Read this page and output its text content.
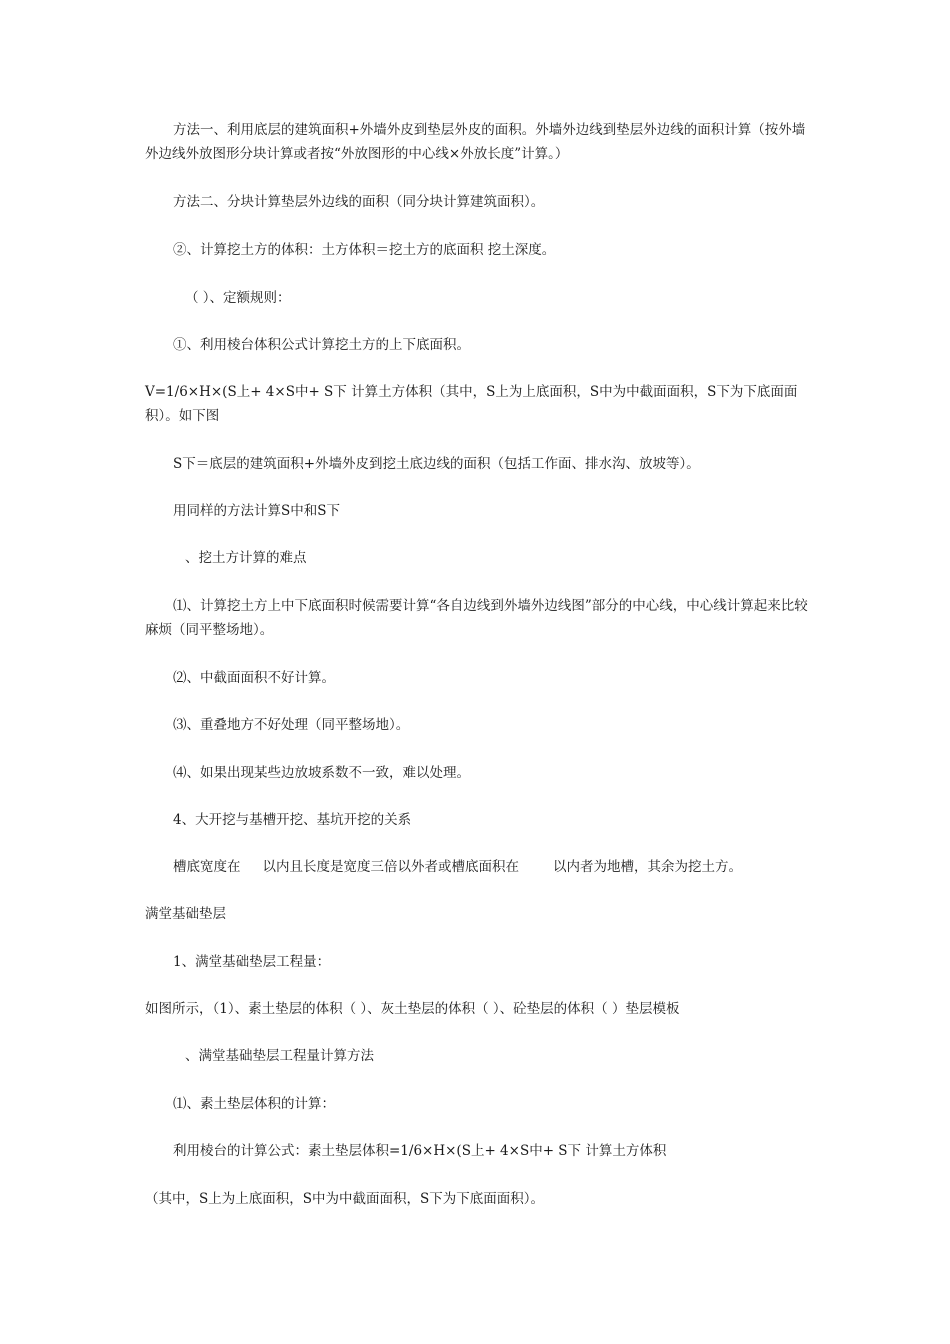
方法一、利用底层的建筑面积+外墙外皮到垫层外皮的面积。外墙外边线到垫层外边线的面积计算（按外墙外边线外放图形分块计算或者按“外放图形的中心线×外放长度”计算。）

方法二、分块计算垫层外边线的面积（同分块计算建筑面积）。

②、计算挖土方的体积：土方体积＝挖土方的底面积 挖土深度。

（ ）、定额规则：

①、利用棱台体积公式计算挖土方的上下底面积。

V=1/6×H×(S上+ 4×S中+ S下 计算土方体积（其中，S上为上底面积，S中为中截面面积，S下为下底面面积）。如下图

S下＝底层的建筑面积+外墙外皮到挖土底边线的面积（包括工作面、排水沟、放坡等）。

用同样的方法计算S中和S下

、挖土方计算的难点

⑴、计算挖土方上中下底面积时候需要计算“各自边线到外墙外边线图”部分的中心线，中心线计算起来比较麻烦（同平整场地）。

⑵、中截面面积不好计算。

⑶、重叠地方不好处理（同平整场地）。

⑷、如果出现某些边放坡系数不一致，难以处理。

4、大开挖与基槽开挖、基坑开挖的关系

槽底宽度在 以内且长度是宽度三倍以外者或槽底面积在	以内者为地槽，其余为挖土方。

满堂基础垫层

1、满堂基础垫层工程量：

如图所示，（1）、素土垫层的体积（ ）、灰土垫层的体积（ ）、砼垫层的体积（ ）垫层模板

、满堂基础垫层工程量计算方法

⑴、素土垫层体积的计算：

利用棱台的计算公式：素土垫层体积=1/6×H×(S上+ 4×S中+ S下 计算土方体积

（其中，S上为上底面积，S中为中截面面积，S下为下底面面积）。
